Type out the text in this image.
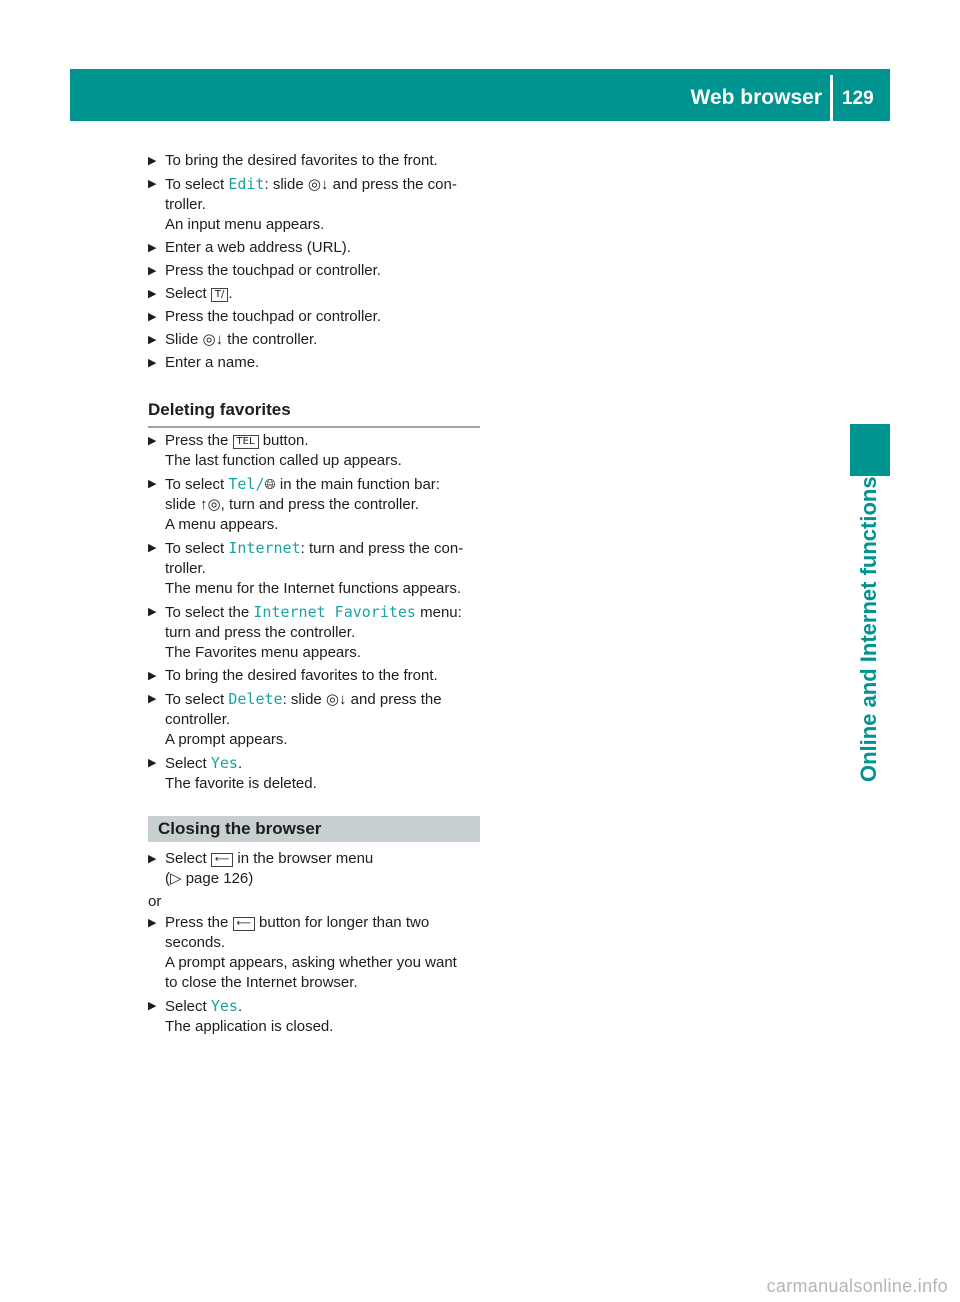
Web browser 129
Online and Internet functions
▶ To bring the desired favorites to the front.
▶ To select Edit: slide ◎↓ and press the con-
troller.
An input menu appears.
▶ Enter a web address (URL).
▶ Press the touchpad or controller.
▶ Select T/ .
▶ Press the touchpad or controller.
▶ Slide ◎↓ the controller.
▶ Enter a name.
Deleting favorites
▶ Press the TEL button.
The last function called up appears.
▶ To select Tel/🌐︎ in the main function bar:
slide ↑◎, turn and press the controller.
A menu appears.
▶ To select Internet: turn and press the con-
troller.
The menu for the Internet functions appears.
▶ To select the Internet Favorites menu:
turn and press the controller.
The Favorites menu appears.
▶ To bring the desired favorites to the front.
▶ To select Delete: slide ◎↓ and press the
controller.
A prompt appears.
▶ Select Yes.
The favorite is deleted.
Closing the browser
▶ Select ⟵ in the browser menu
(▷ page 126)
or
▶ Press the ⟵ button for longer than two
seconds.
A prompt appears, asking whether you want
to close the Internet browser.
▶ Select Yes.
The application is closed.
carmanualsonline.info
